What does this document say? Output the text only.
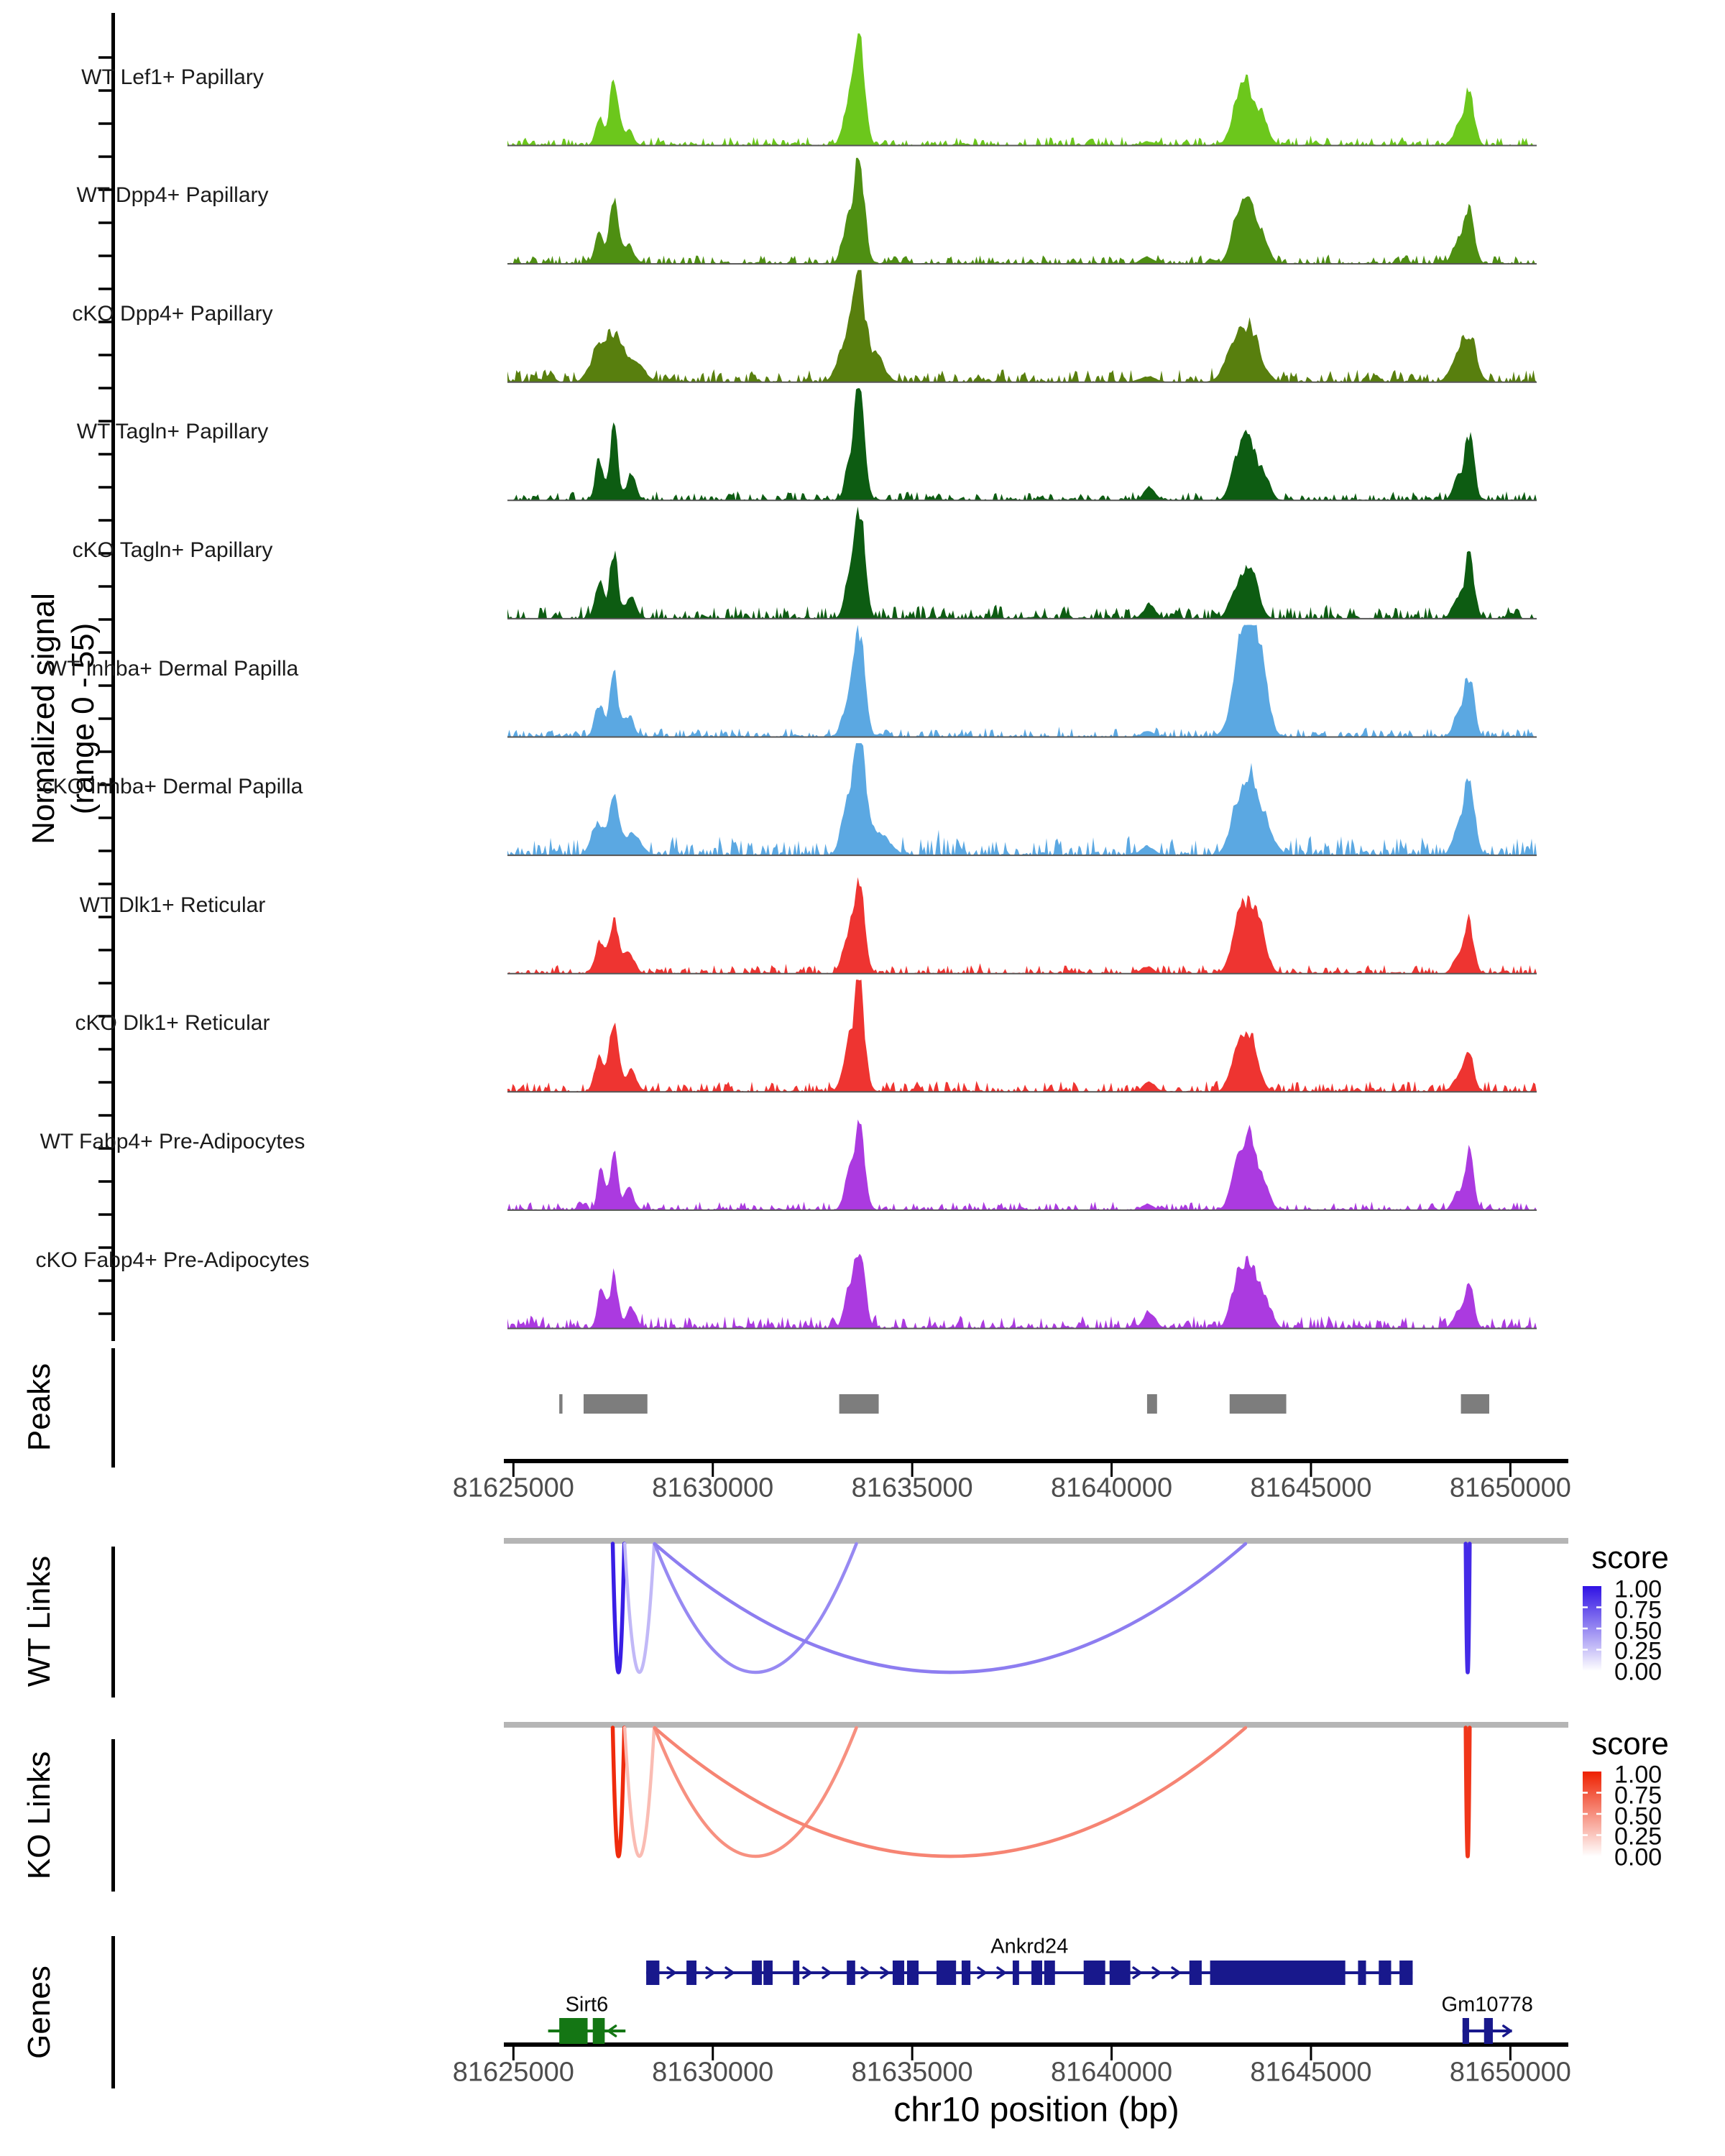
Normalized signal (range 0 - 55)
Peaks
WT Links
KO Links
Genes
score
score
chr10 position (bp)
WT Lef1+ Papillary
WT Dpp4+ Papillary
cKO Dpp4+ Papillary
WT Tagln+ Papillary
cKO Tagln+ Papillary
WT Inhba+ Dermal Papilla
cKO Inhba+ Dermal Papilla
WT Dlk1+ Reticular
cKO Dlk1+ Reticular
WT Fabp4+ Pre-Adipocytes
cKO Fabp4+ Pre-Adipocytes
81625000	81630000	81635000	81640000	81645000	81650000
81625000	81630000	81635000	81640000	81645000	81650000
1.00
0.75
0.50
0.25
0.00
1.00
0.75
0.50
0.25
0.00
Ankrd24
Sirt6	Gm10778
